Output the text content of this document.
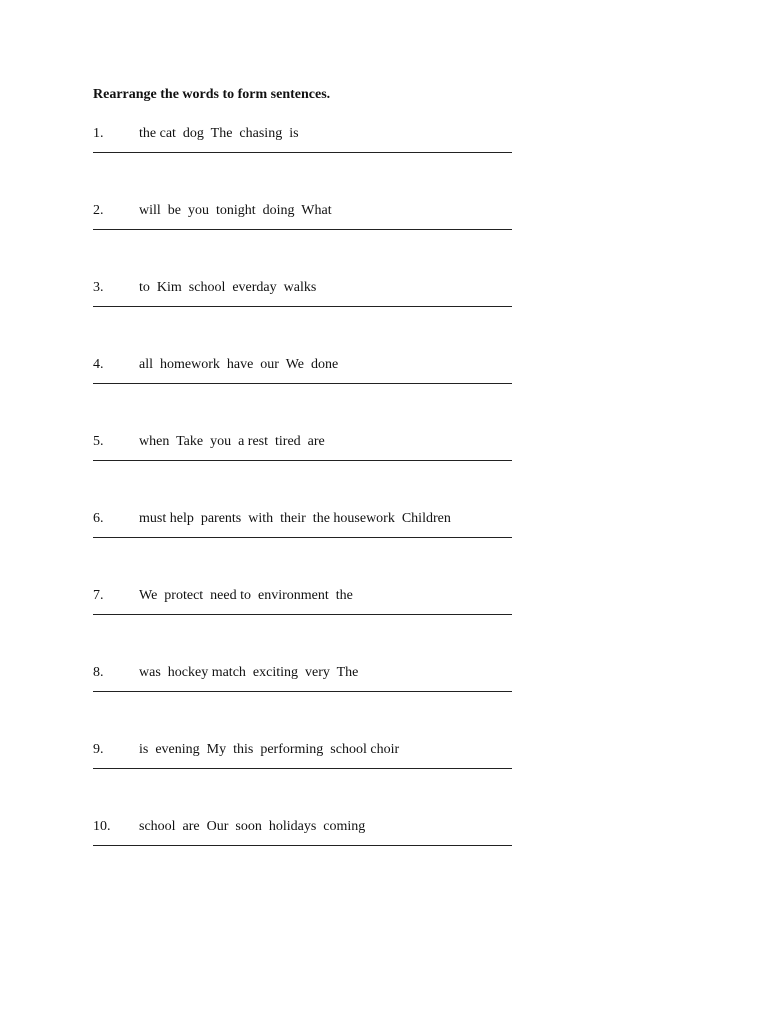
Rearrange the words to form sentences.
1.	the cat  dog  The  chasing  is
2.	will  be  you  tonight  doing  What
3.	to  Kim  school  everday  walks
4.	all  homework  have  our  We  done
5.	when  Take  you  a rest  tired  are
6.	must help  parents  with  their  the housework  Children
7.	We  protect  need to  environment  the
8.	was  hockey match  exciting  very  The
9.	is  evening  My  this  performing  school choir
10. school  are  Our  soon  holidays  coming
